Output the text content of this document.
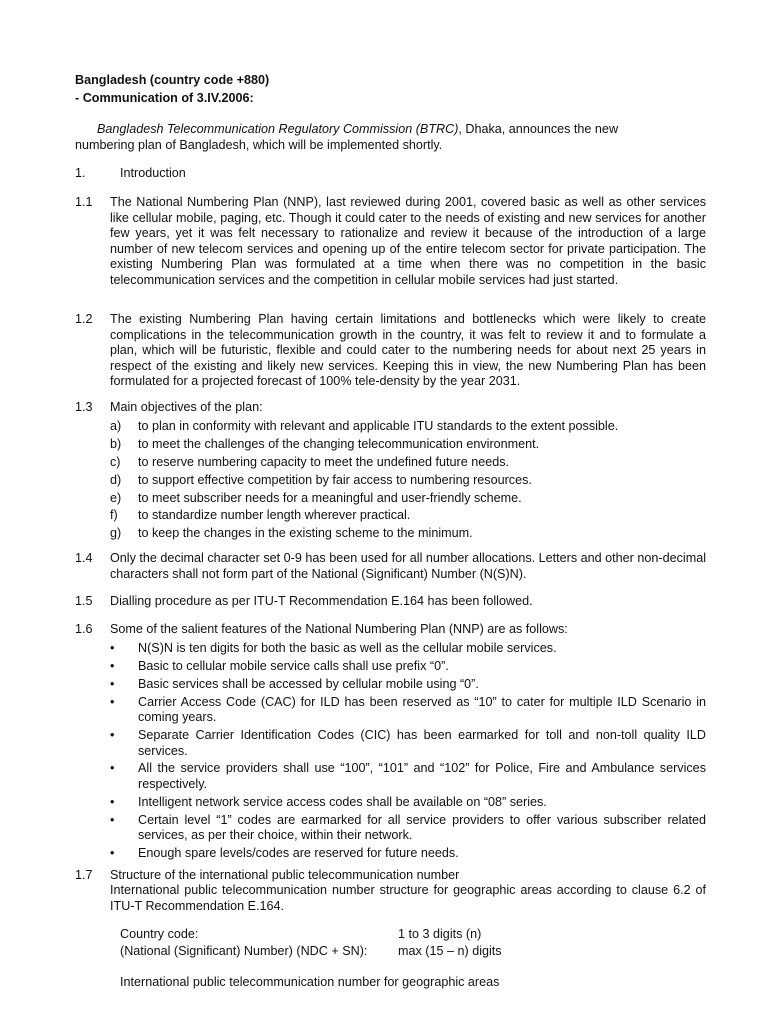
Bangladesh (country code +880)
- Communication of 3.IV.2006:
Bangladesh Telecommunication Regulatory Commission (BTRC), Dhaka, announces the new
numbering plan of Bangladesh, which will be implemented shortly.
1.	Introduction
1.1 The National Numbering Plan (NNP), last reviewed during 2001, covered basic as well as other services like cellular mobile, paging, etc. Though it could cater to the needs of existing and new services for another few years, yet it was felt necessary to rationalize and review it because of the introduction of a large number of new telecom services and opening up of the entire telecom sector for private participation. The existing Numbering Plan was formulated at a time when there was no competition in the basic telecommunication services and the competition in cellular mobile services had just started.
1.2 The existing Numbering Plan having certain limitations and bottlenecks which were likely to create complications in the telecommunication growth in the country, it was felt to review it and to formulate a plan, which will be futuristic, flexible and could cater to the numbering needs for about next 25 years in respect of the existing and likely new services. Keeping this in view, the new Numbering Plan has been formulated for a projected forecast of 100% tele-density by the year 2031.
1.3 Main objectives of the plan:
a) to plan in conformity with relevant and applicable ITU standards to the extent possible.
b) to meet the challenges of the changing telecommunication environment.
c) to reserve numbering capacity to meet the undefined future needs.
d) to support effective competition by fair access to numbering resources.
e) to meet subscriber needs for a meaningful and user-friendly scheme.
f) to standardize number length wherever practical.
g) to keep the changes in the existing scheme to the minimum.
1.4 Only the decimal character set 0-9 has been used for all number allocations. Letters and other non-decimal characters shall not form part of the National (Significant) Number (N(S)N).
1.5 Dialling procedure as per ITU-T Recommendation E.164 has been followed.
1.6 Some of the salient features of the National Numbering Plan (NNP) are as follows:
• N(S)N is ten digits for both the basic as well as the cellular mobile services.
• Basic to cellular mobile service calls shall use prefix “0”.
• Basic services shall be accessed by cellular mobile using “0”.
• Carrier Access Code (CAC) for ILD has been reserved as “10” to cater for multiple ILD Scenario in coming years.
• Separate Carrier Identification Codes (CIC) has been earmarked for toll and non-toll quality ILD services.
• All the service providers shall use “100”, “101” and “102” for Police, Fire and Ambulance services respectively.
• Intelligent network service access codes shall be available on “08” series.
• Certain level “1” codes are earmarked for all service providers to offer various subscriber related services, as per their choice, within their network.
• Enough spare levels/codes are reserved for future needs.
1.7 Structure of the international public telecommunication number
International public telecommunication number structure for geographic areas according to clause 6.2 of ITU-T Recommendation E.164.
Country code:	1 to 3 digits (n)
(National (Significant) Number) (NDC + SN): max (15 – n) digits
International public telecommunication number for geographic areas
